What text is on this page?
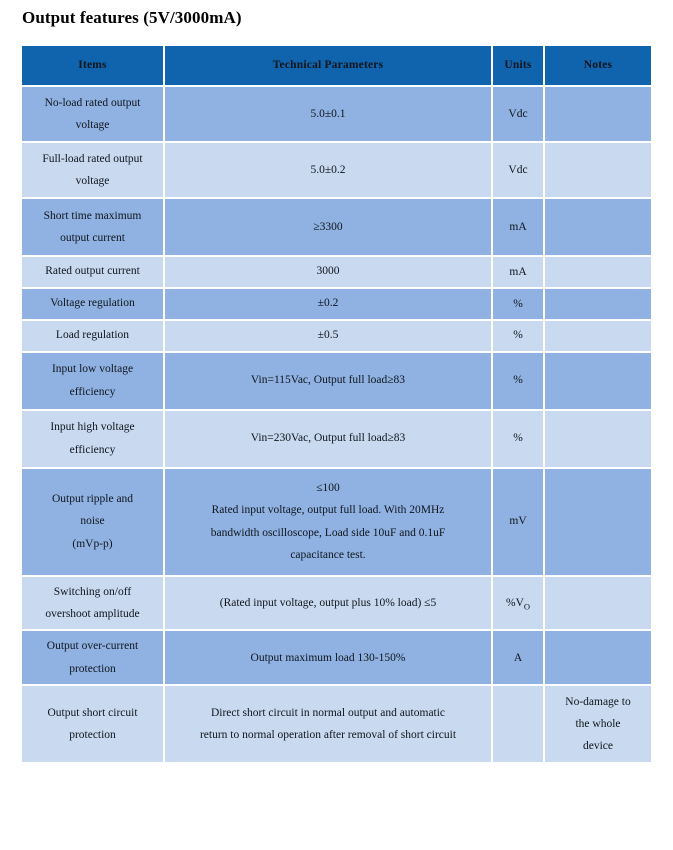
Output features (5V/3000mA)
Items	Technical Parameters	Units	Notes

No-load rated output
voltage	5.0±0.1	Vdc	

Full-load rated output
voltage	5.0±0.2	Vdc	

Short time maximum
output current	≥3300	mA	

Rated output current	3000	mA	

Voltage regulation	±0.2	%	

Load regulation	±0.5	%	

Input low voltage
efficiency	Vin=115Vac, Output full load≥83	%	

Input high voltage
efficiency	Vin=230Vac, Output full load≥83	%	

Output ripple and
noise
(mVp-p)	≤100
Rated input voltage, output full load. With 20MHz
bandwidth oscilloscope, Load side 10uF and 0.1uF
capacitance test.	mV	

Switching on/off
overshoot amplitude	(Rated input voltage, output plus 10% load) ≤5	$\%V_O$	

Output over-current
protection	Output maximum load 130-150%	A	

Output short circuit
protection	Direct short circuit in normal output and automatic
return to normal operation after removal of short circuit		No-damage to
the whole
device
